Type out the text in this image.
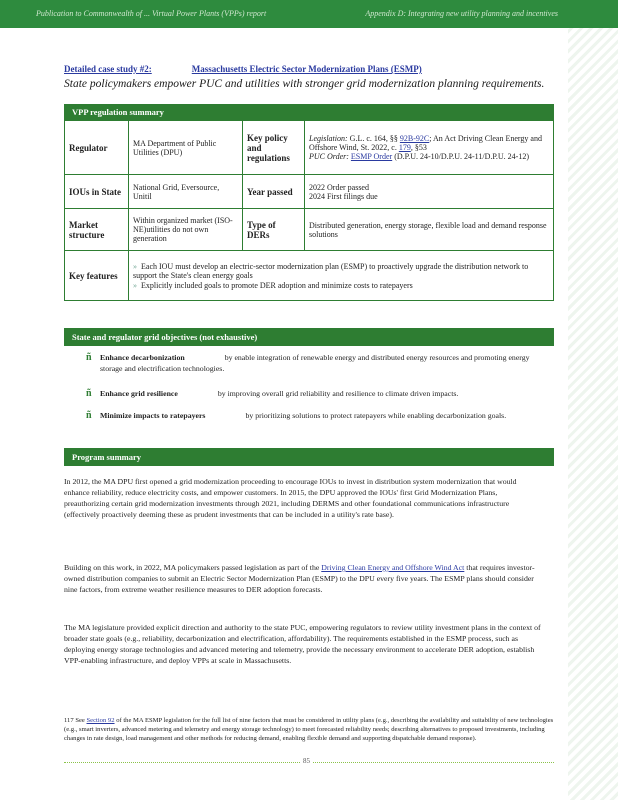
Publication to Commonwealth of ... Virtual Power Plants (VPPs) report	Appendix D: Integrating new utility planning and incentives
Detailed case study #2:	Massachusetts Electric Sector Modernization Plans (ESMP)
State policymakers empower PUC and utilities with stronger grid modernization planning requirements.
VPP regulation summary
Regulator	MA Department of Public Utilities (DPU)	Key policy and regulations	Legislation: G.L. c. 164, §§ 92B-92C; An Act Driving Clean Energy and Offshore Wind, St. 2022, c. 179, §53
PUC Order: ESMP Order (D.P.U. 24-10/D.P.U. 24-11/D.P.U. 24-12)
IOUs in State	National Grid, Eversource, Unitil	Year passed	2022 Order passed
2024 First filings due

Market structure	Within organized market (ISO-NE)utilities do not own generation	Type of DERs	Distributed generation, energy storage, flexible load and demand response solutions
Key features	» Each IOU must develop an electric-sector modernization plan (ESMP) to proactively upgrade the distribution network to support the State's clean energy goals
» Explicitly included goals to promote DER adoption and minimize costs to ratepayers
State and regulator grid objectives (not exhaustive)
ñ Enhance decarbonization	by enable integration of renewable energy and distributed energy resources and promoting energy storage and electrification technologies.
ñ Enhance grid resilience	by improving overall grid reliability and resilience to climate driven impacts.
ñ Minimize impacts to ratepayers	by prioritizing solutions to protect ratepayers while enabling decarbonization goals.
Program summary
In 2012, the MA DPU first opened a grid modernization proceeding to encourage IOUs to invest in distribution system modernization that would enhance reliability, reduce electricity costs, and empower customers. In 2015, the DPU approved the IOUs' first Grid Modernization Plans, preauthorizing certain grid modernization investments through 2021, including DERMS and other foundational communications infrastructure (effectively proactively deeming these as prudent investments that can be included in a utility's rate base).
Building on this work, in 2022, MA policymakers passed legislation as part of the Driving Clean Energy and Offshore Wind Act that requires investor-owned distribution companies to submit an Electric Sector Modernization Plan (ESMP) to the DPU every five years. The ESMP plans should consider nine factors, from extreme weather resilience measures to DER adoption forecasts.
The MA legislature provided explicit direction and authority to the state PUC, empowering regulators to review utility investment plans in the context of broader state goals (e.g., reliability, decarbonization and electrification, affordability). The requirements established in the ESMP process, such as deploying energy storage technologies and advanced metering and telemetry, provide the necessary environment to accelerate DER adoption, establish VPP-enabling infrastructure, and deploy VPPs at scale in Massachusetts.
117 See Section 92 of the MA ESMP legislation for the full list of nine factors that must be considered in utility plans (e.g., describing the availability and suitability of new technologies (e.g., smart inverters, advanced metering and telemetry and energy storage technology) to meet forecasted reliability needs; describing alternatives to proposed investments, including changes in rate design, load management and other methods for reducing demand, enabling flexible demand and supporting dispatchable demand response).
85
